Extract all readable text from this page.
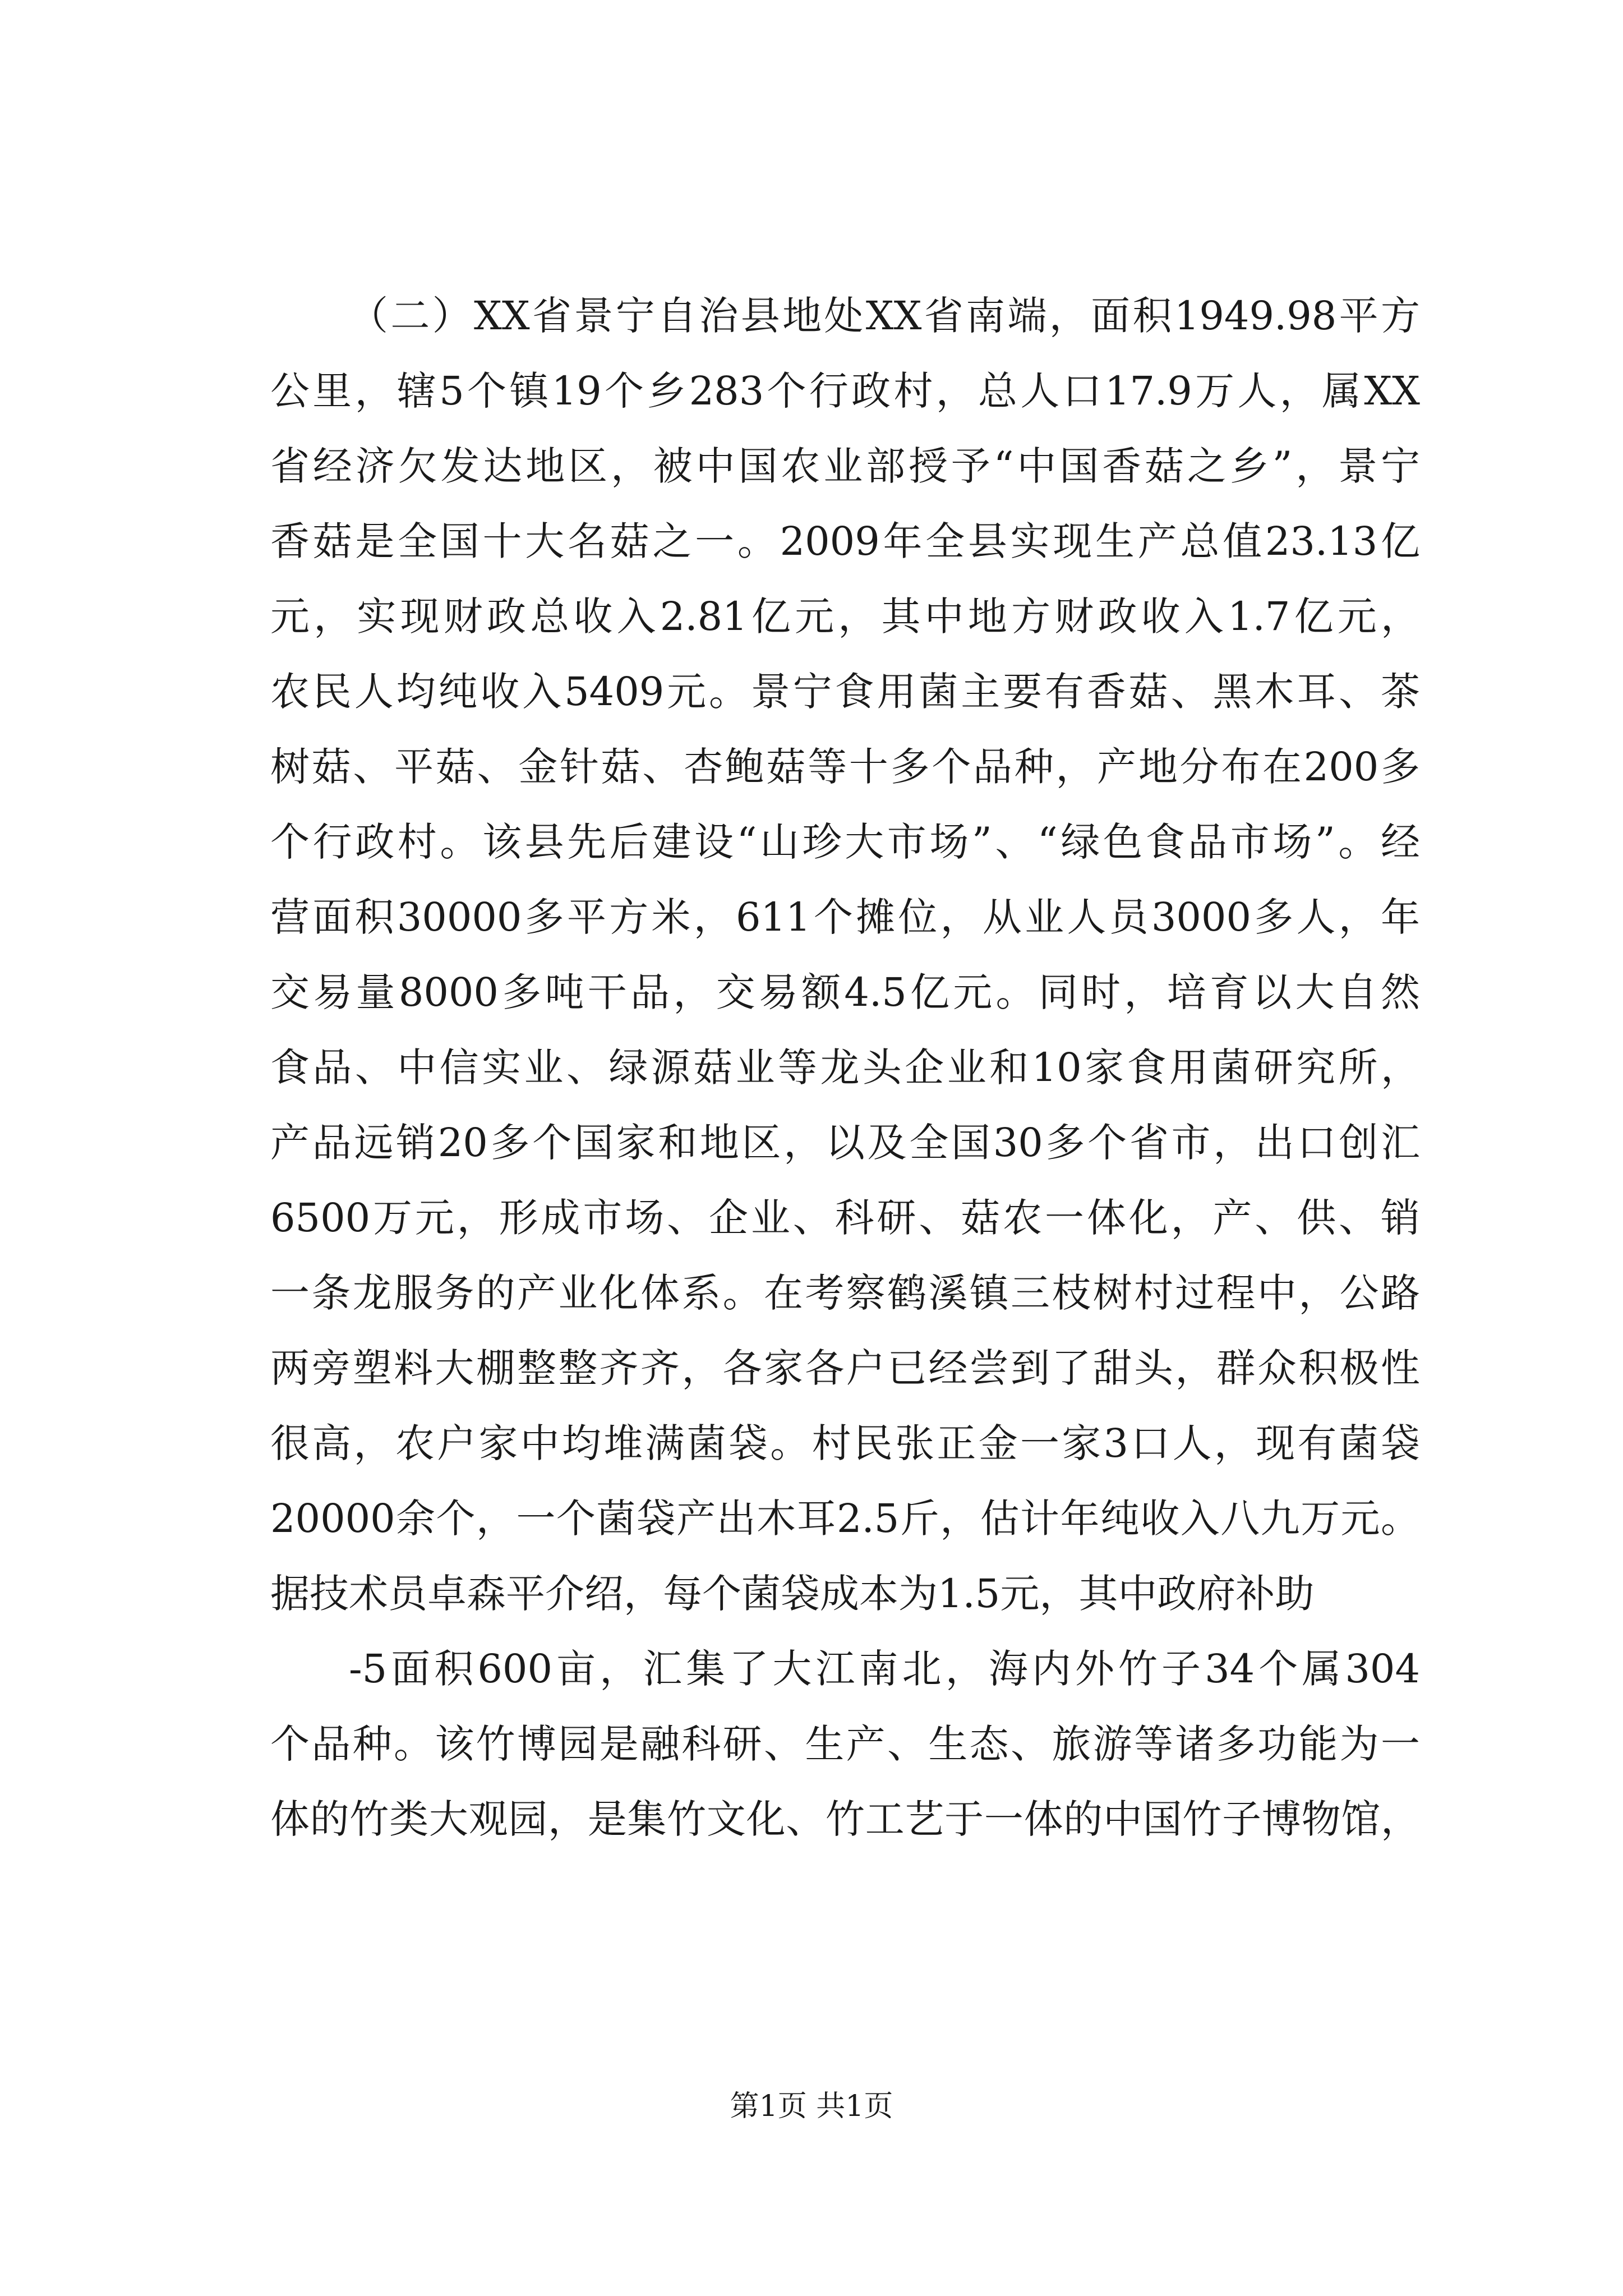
（二）XX省景宁自治县地处XX省南端，面积1949.98平方
公里，辖5个镇19个乡283个行政村，总人口17.9万人，属XX
省经济欠发达地区，被中国农业部授予“中国香菇之乡”，景宁
香菇是全国十大名菇之一。2009年全县实现生产总值23.13亿
元，实现财政总收入2.81亿元，其中地方财政收入1.7亿元，
农民人均纯收入5409元。景宁食用菌主要有香菇、黑木耳、茶
树菇、平菇、金针菇、杏鲍菇等十多个品种，产地分布在200多
个行政村。该县先后建设“山珍大市场”、“绿色食品市场”。经
营面积30000多平方米，611个摊位，从业人员3000多人，年
交易量8000多吨干品，交易额4.5亿元。同时，培育以大自然
食品、中信实业、绿源菇业等龙头企业和10家食用菌研究所，
产品远销20多个国家和地区，以及全国30多个省市，出口创汇
6500万元，形成市场、企业、科研、菇农一体化，产、供、销
一条龙服务的产业化体系。在考察鹤溪镇三枝树村过程中，公路
两旁塑料大棚整整齐齐，各家各户已经尝到了甜头，群众积极性
很高，农户家中均堆满菌袋。村民张正金一家3口人，现有菌袋
20000余个，一个菌袋产出木耳2.5斤，估计年纯收入八九万元。
据技术员卓森平介绍，每个菌袋成本为1.5元，其中政府补助
-5面积600亩，汇集了大江南北，海内外竹子34个属304
个品种。该竹博园是融科研、生产、生态、旅游等诸多功能为一
体的竹类大观园，是集竹文化、竹工艺于一体的中国竹子博物馆，
第1页 共1页
